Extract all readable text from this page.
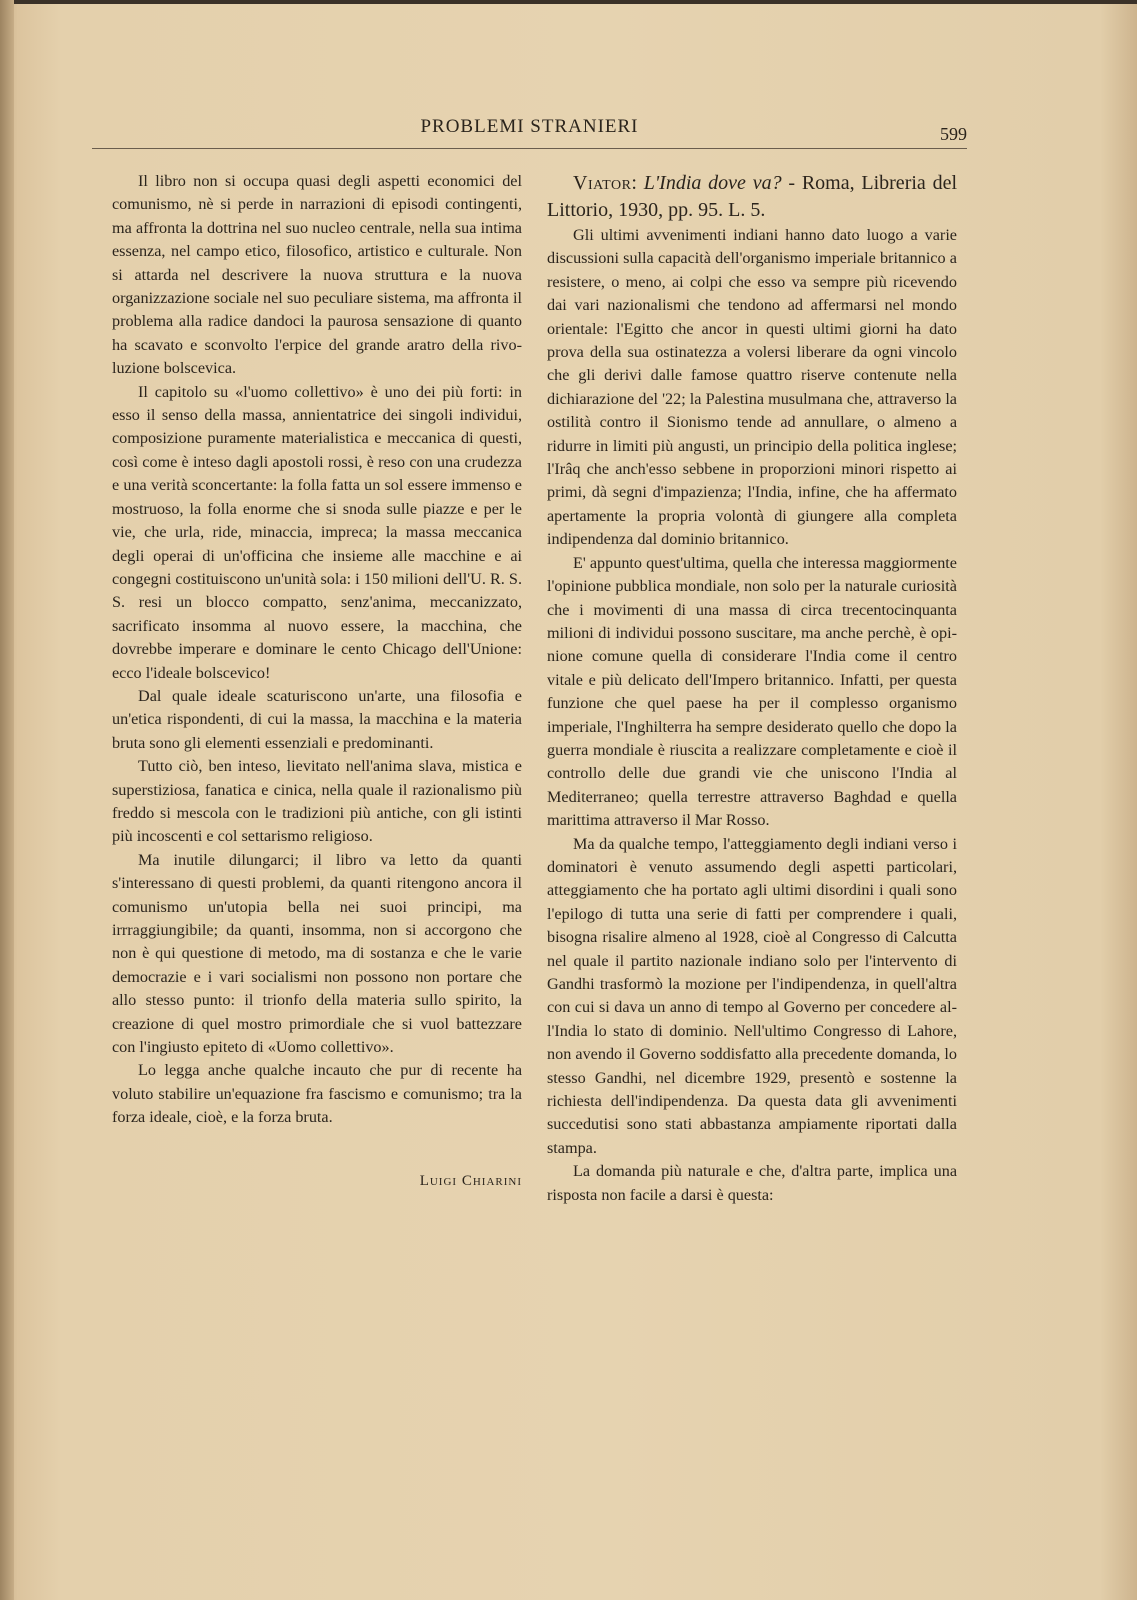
PROBLEMI STRANIERI	599

Il libro non si occupa quasi degli aspetti economici del comunismo, nè si perde in narrazioni di episodi contingenti, ma affronta la dottrina nel suo nucleo centrale, nella sua intima essenza, nel campo etico, filosofico, artistico e culturale. Non si attarda nel descrivere la nuova struttura e la nuova organizzazione sociale nel suo peculiare sistema, ma affronta il problema alla radice dandoci la paurosa sensazione di quanto ha scavato e sconvolto l'erpice del grande aratro della rivoluzione bolscevica.

Il capitolo su «l'uomo collettivo» è uno dei più forti: in esso il senso della massa, annientatrice dei singoli individui, composizione puramente materialistica e meccanica di questi, così come è inteso dagli apostoli rossi, è reso con una crudezza e una verità sconcertante: la folla fatta un sol essere immenso e mostruoso, la folla enorme che si snoda sulle piazze e per le vie, che urla, ride, minaccia, impreca; la massa meccanica degli operai di un'officina che insieme alle macchine e ai congegni costituiscono un'unità sola: i 150 milioni dell'U. R. S. S. resi un blocco compatto, senz'anima, meccanizzato, sacrificato insomma al nuovo essere, la macchina, che dovrebbe imperare e dominare le cento Chicago dell'Unione: ecco l'ideale bolscevico!

Dal quale ideale scaturiscono un'arte, una filosofia e un'etica rispondenti, di cui la massa, la macchina e la materia bruta sono gli elementi essenziali e predominanti.

Tutto ciò, ben inteso, lievitato nell'anima slava, mistica e superstiziosa, fanatica e cinica, nella quale il razionalismo più freddo si mescola con le tradizioni più antiche, con gli istinti più incoscenti e col settarismo religioso.

Ma inutile dilungarci; il libro va letto da quanti s'interessano di questi problemi, da quanti ritengono ancora il comunismo un'utopia bella nei suoi principi, ma irrraggiungibile; da quanti, insomma, non si accorgono che non è qui questione di metodo, ma di sostanza e che le varie democrazie e i vari socialismi non possono non portare che allo stesso punto: il trionfo della materia sullo spirito, la creazione di quel mostro primordiale che si vuol battezzare con l'ingiusto epiteto di «Uomo collettivo».

Lo legga anche qualche incauto che pur di recente ha voluto stabilire un'equazione fra fascismo e comunismo; tra la forza ideale, cioè, e la forza bruta.

Luigi Chiarini

Viator: L'India dove va? - Roma, Libreria del Littorio, 1930, pp. 95. L. 5.

Gli ultimi avvenimenti indiani hanno dato luogo a varie discussioni sulla capacità dell'organismo imperiale britannico a resistere, o meno, ai colpi che esso va sempre più ricevendo dai vari nazionalismi che tendono ad affermarsi nel mondo orientale: l'Egitto che ancor in questi ultimi giorni ha dato prova della sua ostinatezza a volersi liberare da ogni vincolo che gli derivi dalle famose quattro riserve contenute nella dichiarazione del '22; la Palestina musulmana che, attraverso la ostilità contro il Sionismo tende ad annullare, o almeno a ridurre in limiti più angusti, un principio della politica inglese; l'Irâq che anch'esso sebbene in proporzioni minori rispetto ai primi, dà segni d'impazienza; l'India, infine, che ha affermato apertamente la propria volontà di giungere alla completa indipendenza dal dominio britannico.

E' appunto quest'ultima, quella che interessa maggiormente l'opinione pubblica mondiale, non solo per la naturale curiosità che i movimenti di una massa di circa trecentocinquanta milioni di individui possono suscitare, ma anche perchè, è opinione comune quella di considerare l'India come il centro vitale e più delicato dell'Impero britannico. Infatti, per questa funzione che quel paese ha per il complesso organismo imperiale, l'Inghilterra ha sempre desiderato quello che dopo la guerra mondiale è riuscita a realizzare completamente e cioè il controllo delle due grandi vie che uniscono l'India al Mediterraneo; quella terrestre attraverso Baghdad e quella marittima attraverso il Mar Rosso.

Ma da qualche tempo, l'atteggiamento degli indiani verso i dominatori è venuto assumendo degli aspetti particolari, atteggiamento che ha portato agli ultimi disordini i quali sono l'epilogo di tutta una serie di fatti per comprendere i quali, bisogna risalire almeno al 1928, cioè al Congresso di Calcutta nel quale il partito nazionale indiano solo per l'intervento di Gandhi trasformò la mozione per l'indipendenza, in quell'altra con cui si dava un anno di tempo al Governo per concedere all'India lo stato di dominio. Nell'ultimo Congresso di Lahore, non avendo il Governo soddisfatto alla precedente domanda, lo stesso Gandhi, nel dicembre 1929, presentò e sostenne la richiesta dell'indipendenza. Da questa data gli avvenimenti succedutisi sono stati abbastanza ampiamente riportati dalla stampa.

La domanda più naturale e che, d'altra parte, implica una risposta non facile a darsi è questa:
